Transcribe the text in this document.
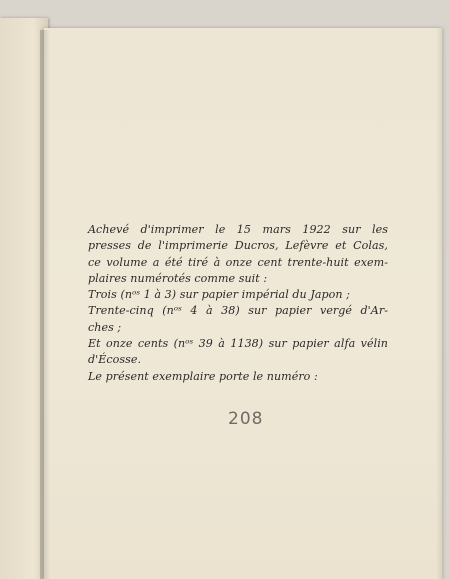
Achevé d'imprimer le 15 mars 1922 sur les
presses de l'imprimerie Ducros, Lefèvre et Colas,
ce volume a été tiré à onze cent trente-huit exem-
plaires numérotés comme suit :
Trois (nᵒˢ 1 à 3) sur papier impérial du Japon ;
Trente-cinq (nᵒˢ 4 à 38) sur papier vergé d'Ar-
ches ;
Et onze cents (nᵒˢ 39 à 1138) sur papier alfa vélin
d'Écosse.
Le présent exemplaire porte le numéro :
208
